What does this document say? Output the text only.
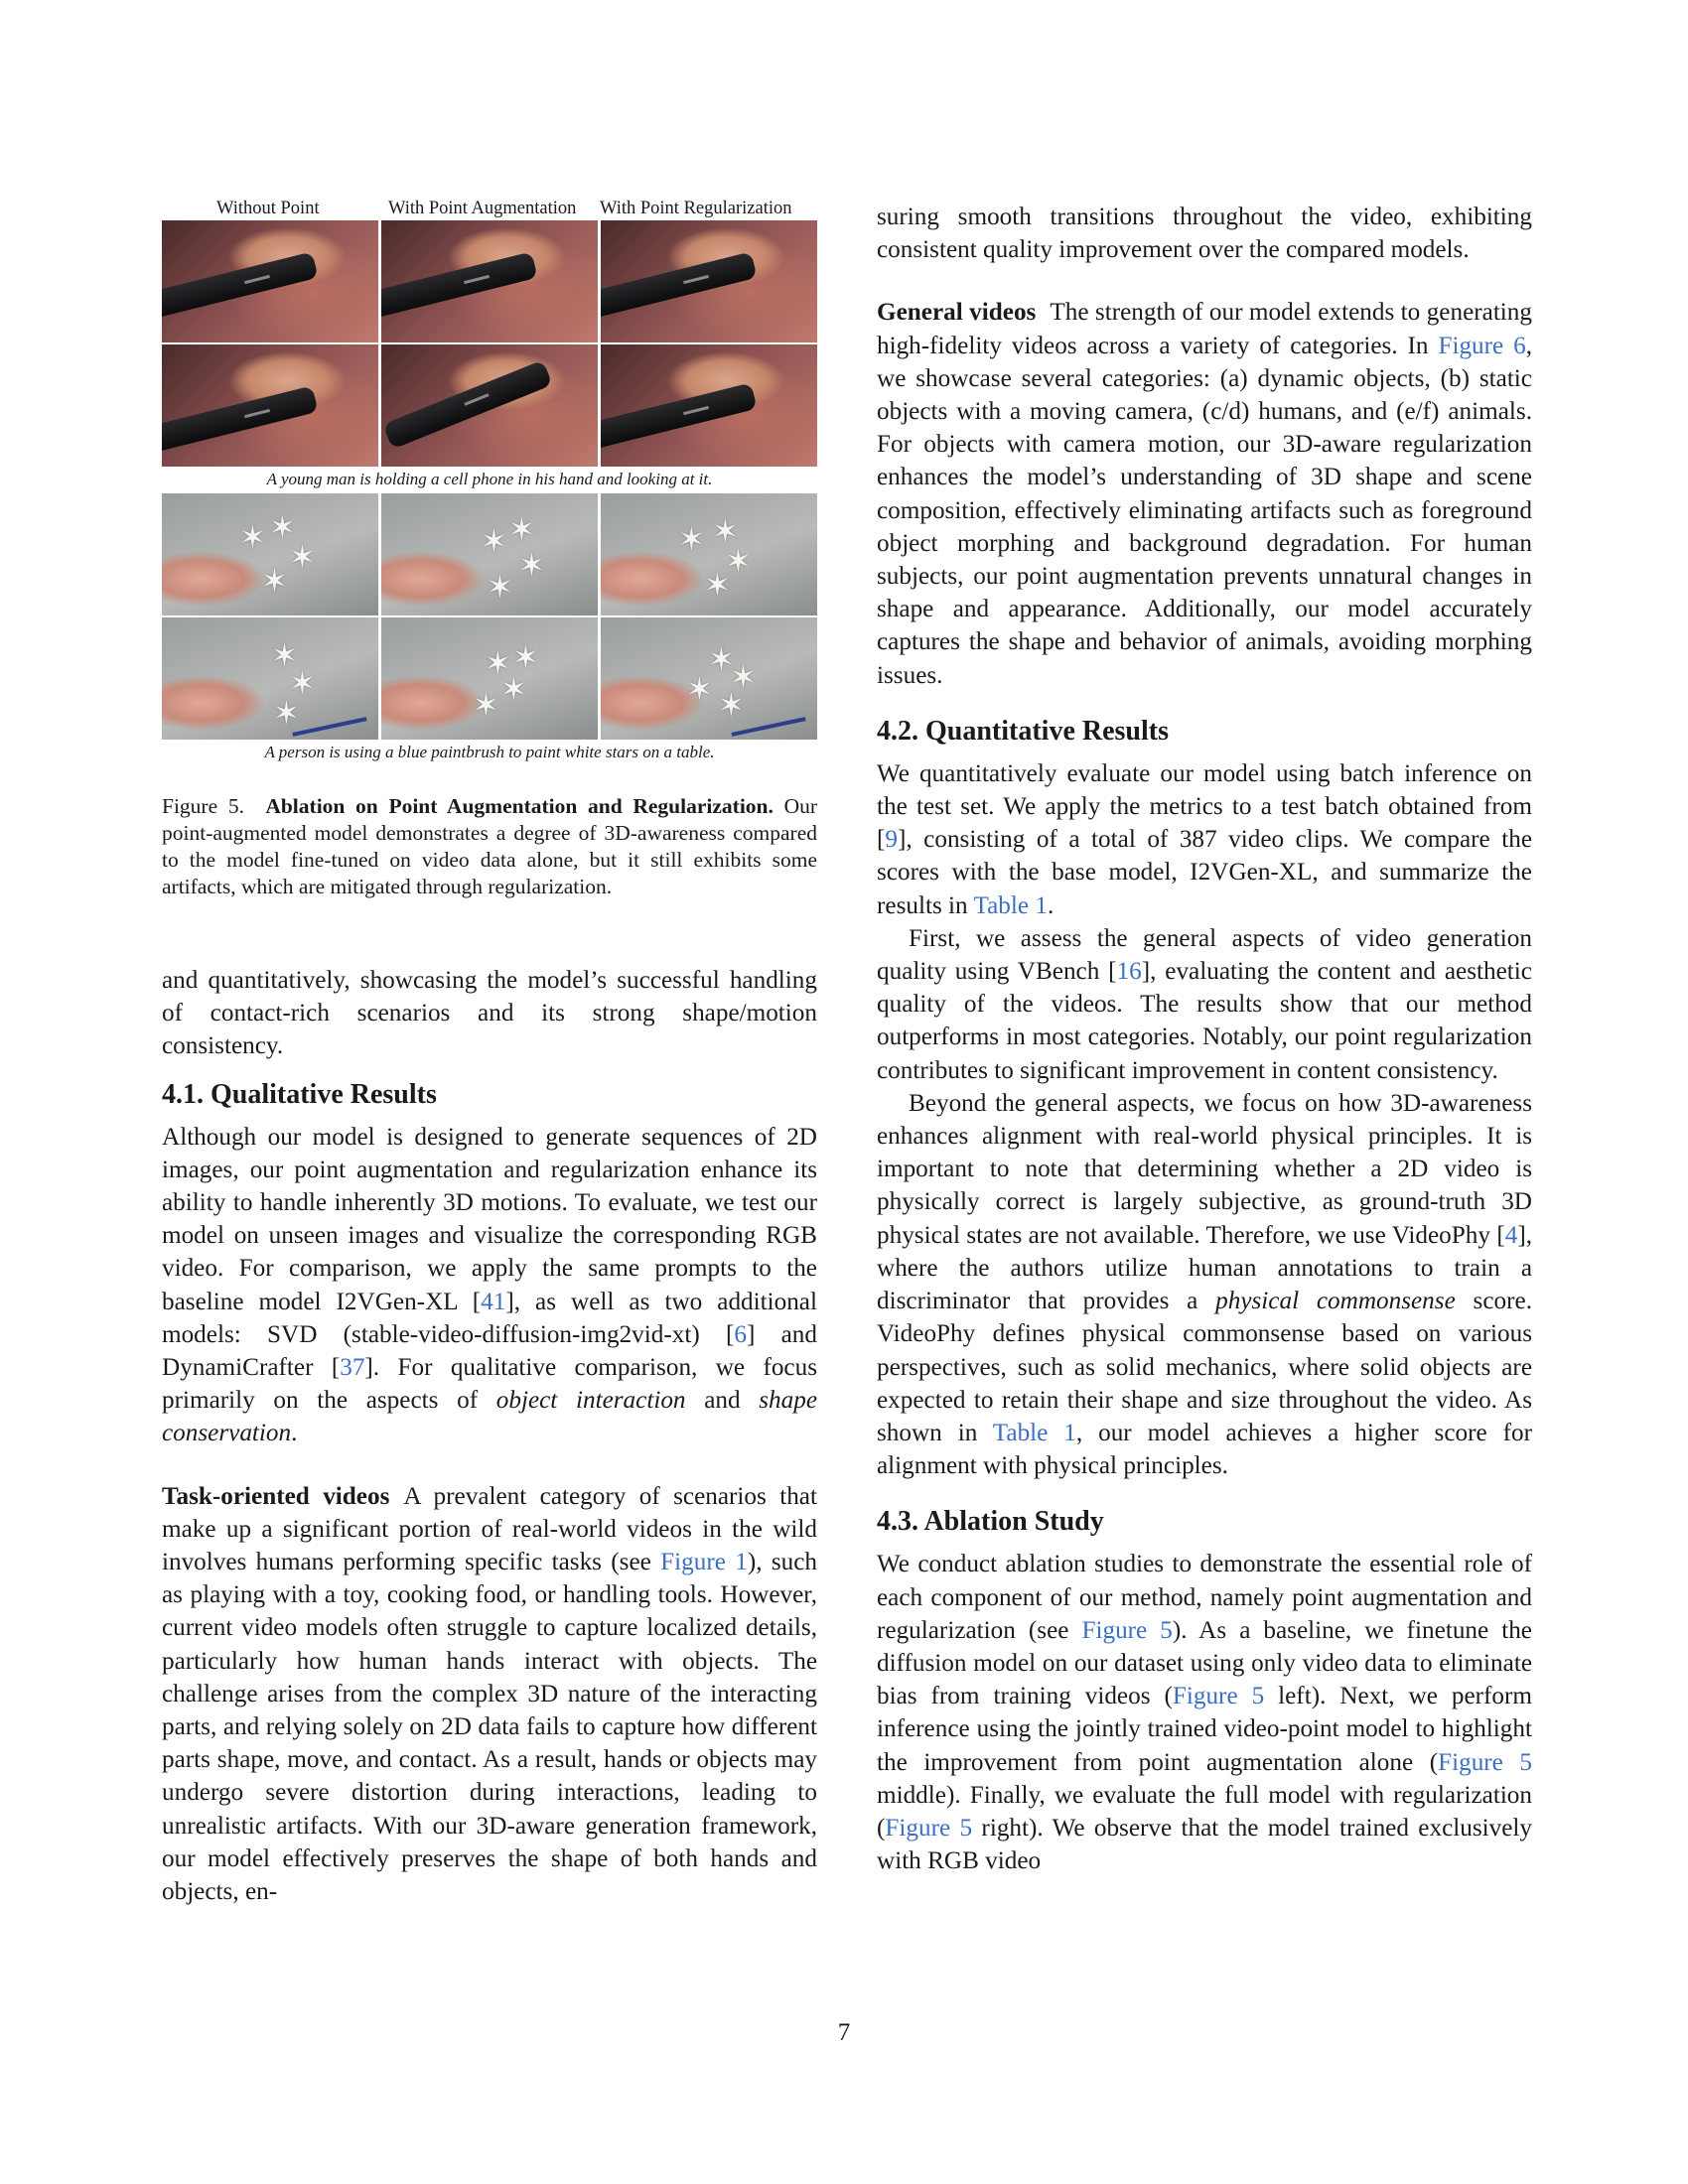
Without Point	With Point Augmentation With Point Regularization
A young man is holding a cell phone in his hand and looking at it.
✶ ✶
✶
✶
✶ ✶
✶
✶
✶ ✶
✶
✶
✶
✶
✶
✶ ✶
✶
✶
✶
✶
✶
✶
A person is using a blue paintbrush to paint white stars on a table.

Figure 5. Ablation on Point Augmentation and Regularization. Our point-augmented model demonstrates a degree of 3D-awareness compared to the model fine-tuned on video data alone, but it still exhibits some artifacts, which are mitigated through regularization.

and quantitatively, showcasing the model’s successful handling of contact-rich scenarios and its strong shape/motion consistency.

4.1. Qualitative Results

Although our model is designed to generate sequences of 2D images, our point augmentation and regularization enhance its ability to handle inherently 3D motions. To evaluate, we test our model on unseen images and visualize the corresponding RGB video. For comparison, we apply the same prompts to the baseline model I2VGen-XL [41], as well as two additional models: SVD (stable-video-diffusion-img2vid-xt) [6] and DynamiCrafter [37]. For qualitative comparison, we focus primarily on the aspects of object interaction and shape conservation.

Task-oriented videos A prevalent category of scenarios that make up a significant portion of real-world videos in the wild involves humans performing specific tasks (see Figure 1), such as playing with a toy, cooking food, or handling tools. However, current video models often struggle to capture localized details, particularly how human hands interact with objects. The challenge arises from the complex 3D nature of the interacting parts, and relying solely on 2D data fails to capture how different parts shape, move, and contact. As a result, hands or objects may undergo severe distortion during interactions, leading to unrealistic artifacts. With our 3D-aware generation framework, our model effectively preserves the shape of both hands and objects, en-

suring smooth transitions throughout the video, exhibiting consistent quality improvement over the compared models.

General videos The strength of our model extends to generating high-fidelity videos across a variety of categories. In Figure 6, we showcase several categories: (a) dynamic objects, (b) static objects with a moving camera, (c/d) humans, and (e/f) animals. For objects with camera motion, our 3D-aware regularization enhances the model’s understanding of 3D shape and scene composition, effectively eliminating artifacts such as foreground object morphing and background degradation. For human subjects, our point augmentation prevents unnatural changes in shape and appearance. Additionally, our model accurately captures the shape and behavior of animals, avoiding morphing issues.

4.2. Quantitative Results

We quantitatively evaluate our model using batch inference on the test set. We apply the metrics to a test batch obtained from [9], consisting of a total of 387 video clips. We compare the scores with the base model, I2VGen-XL, and summarize the results in Table 1.

First, we assess the general aspects of video generation quality using VBench [16], evaluating the content and aesthetic quality of the videos. The results show that our method outperforms in most categories. Notably, our point regularization contributes to significant improvement in content consistency.

Beyond the general aspects, we focus on how 3D-awareness enhances alignment with real-world physical principles. It is important to note that determining whether a 2D video is physically correct is largely subjective, as ground-truth 3D physical states are not available. Therefore, we use VideoPhy [4], where the authors utilize human annotations to train a discriminator that provides a physical commonsense score. VideoPhy defines physical commonsense based on various perspectives, such as solid mechanics, where solid objects are expected to retain their shape and size throughout the video. As shown in Table 1, our model achieves a higher score for alignment with physical principles.

4.3. Ablation Study

We conduct ablation studies to demonstrate the essential role of each component of our method, namely point augmentation and regularization (see Figure 5). As a baseline, we finetune the diffusion model on our dataset using only video data to eliminate bias from training videos (Figure 5 left). Next, we perform inference using the jointly trained video-point model to highlight the improvement from point augmentation alone (Figure 5 middle). Finally, we evaluate the full model with regularization (Figure 5 right). We observe that the model trained exclusively with RGB video

7
